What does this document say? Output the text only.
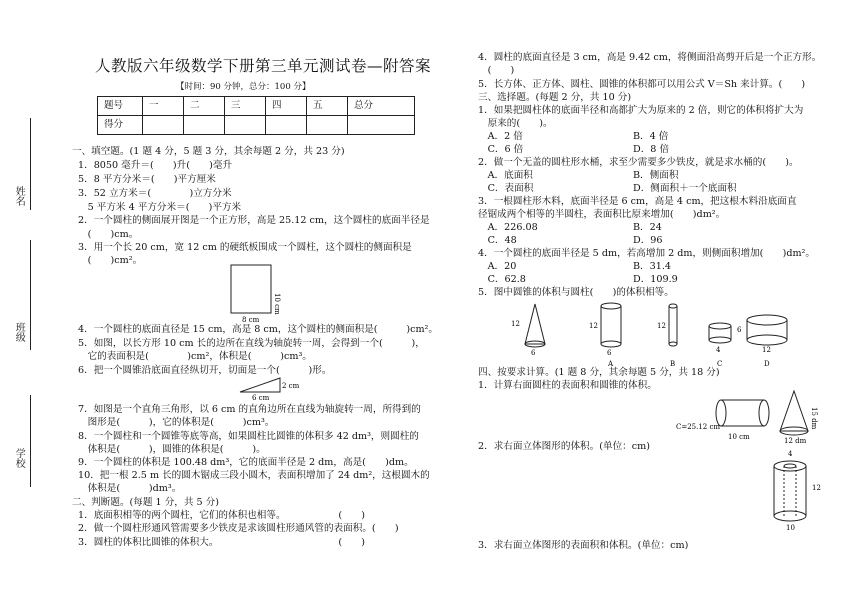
姓名
班级
学校
人教版六年级数学下册第三单元测试卷—附答案
【时间：90 分钟，总分：100 分】
题号	一	二	三	四	五	总分
得分						
一、填空题。(1 题 4 分，5 题 3 分，其余每题 2 分，共 23 分)
1．8050 毫升＝(　　)升(　　)毫升
5．8 平方分米＝(　　)平方厘米
3．52 立方米＝(　　　　)立方分米
　5 平方米 4 平方分米＝(　　)平方米
2．一个圆柱的侧面展开图是一个正方形，高是 25.12 cm，这个圆柱的底面半径是
　(　　)cm。
3．用一个长 20 cm，宽 12 cm 的硬纸板围成一个圆柱，这个圆柱的侧面积是
　(　　)cm²。
10 cm
8 cm
4．一个圆柱的底面直径是 15 cm，高是 8 cm，这个圆柱的侧面积是(　　　)cm²。
5．如图，以长方形 10 cm 长的边所在直线为轴旋转一周，会得到一个(　　　)，
　它的表面积是(　　　　)cm²，体积是(　　　)cm³。
6．把一个圆锥沿底面直径纵切开，切面是一个(　　　)形。
2 cm
6 cm
7．如图是一个直角三角形，以 6 cm 的直角边所在直线为轴旋转一周，所得到的
　图形是(　　　)，它的体积是(　　　)cm³。
8．一个圆柱和一个圆锥等底等高，如果圆柱比圆锥的体积多 42 dm³，则圆柱的
　体积是(　　　)，圆锥的体积是(　　　)。
9．一个圆柱的体积是 100.48 dm³，它的底面半径是 2 dm，高是(　　)dm。
10．把一根 2.5 m 长的圆木锯成三段小圆木，表面积增加了 24 dm²，这根圆木的
　体积是(　　　)dm³。
二、判断题。(每题 1 分，共 5 分)
1．底面积相等的两个圆柱，它们的体积也相等。　　　　　　(　　)
2．做一个圆柱形通风管需要多少铁皮是求该圆柱形通风管的表面积。(　　)
3．圆柱的体积比圆锥的体积大。　　　　　　　　　　　　　(　　)
4．圆柱的底面直径是 3 cm，高是 9.42 cm，将侧面沿高剪开后是一个正方形。
　(　　)
5．长方体、正方体、圆柱、圆锥的体积都可以用公式 V＝Sh 来计算。(　　)
三、选择题。(每题 2 分，共 10 分)
1．如果把圆柱体的底面半径和高都扩大为原来的 2 倍，则它的体积将扩大为
　原来的(　　)。
　A．2 倍	B．4 倍
　C．6 倍	D．8 倍
2．做一个无盖的圆柱形水桶，求至少需要多少铁皮，就是求水桶的(　　)。
　A．底面积	B．侧面积
　C．表面积	D．侧面积＋一个底面积
3．一根圆柱形木料，底面半径是 6 cm，高是 4 cm，把这根木料沿底面直
径锯成两个相等的半圆柱，表面积比原来增加(　　)dm²。
　A．226.08	B．24
　C．48	D．96
4．一个圆柱的底面半径是 5 dm，若高增加 2 dm，则侧面积增加(　　)dm²。
　A．20	B．31.4
　C．62.8	D．109.9
5．图中圆锥的体积与圆柱(　　)的体积相等。
12
6
12
6
A
12
B
4
C
6
12
D
四、按要求计算。(1 题 8 分，其余每题 5 分，共 18 分)
1．计算右面圆柱的表面积和圆锥的体积。
C=25.12 cm
10 cm
15 dm
12 dm
2．求右面立体图形的体积。(单位：cm)
4
12
10
3．求右面立体图形的表面积和体积。(单位：cm)
